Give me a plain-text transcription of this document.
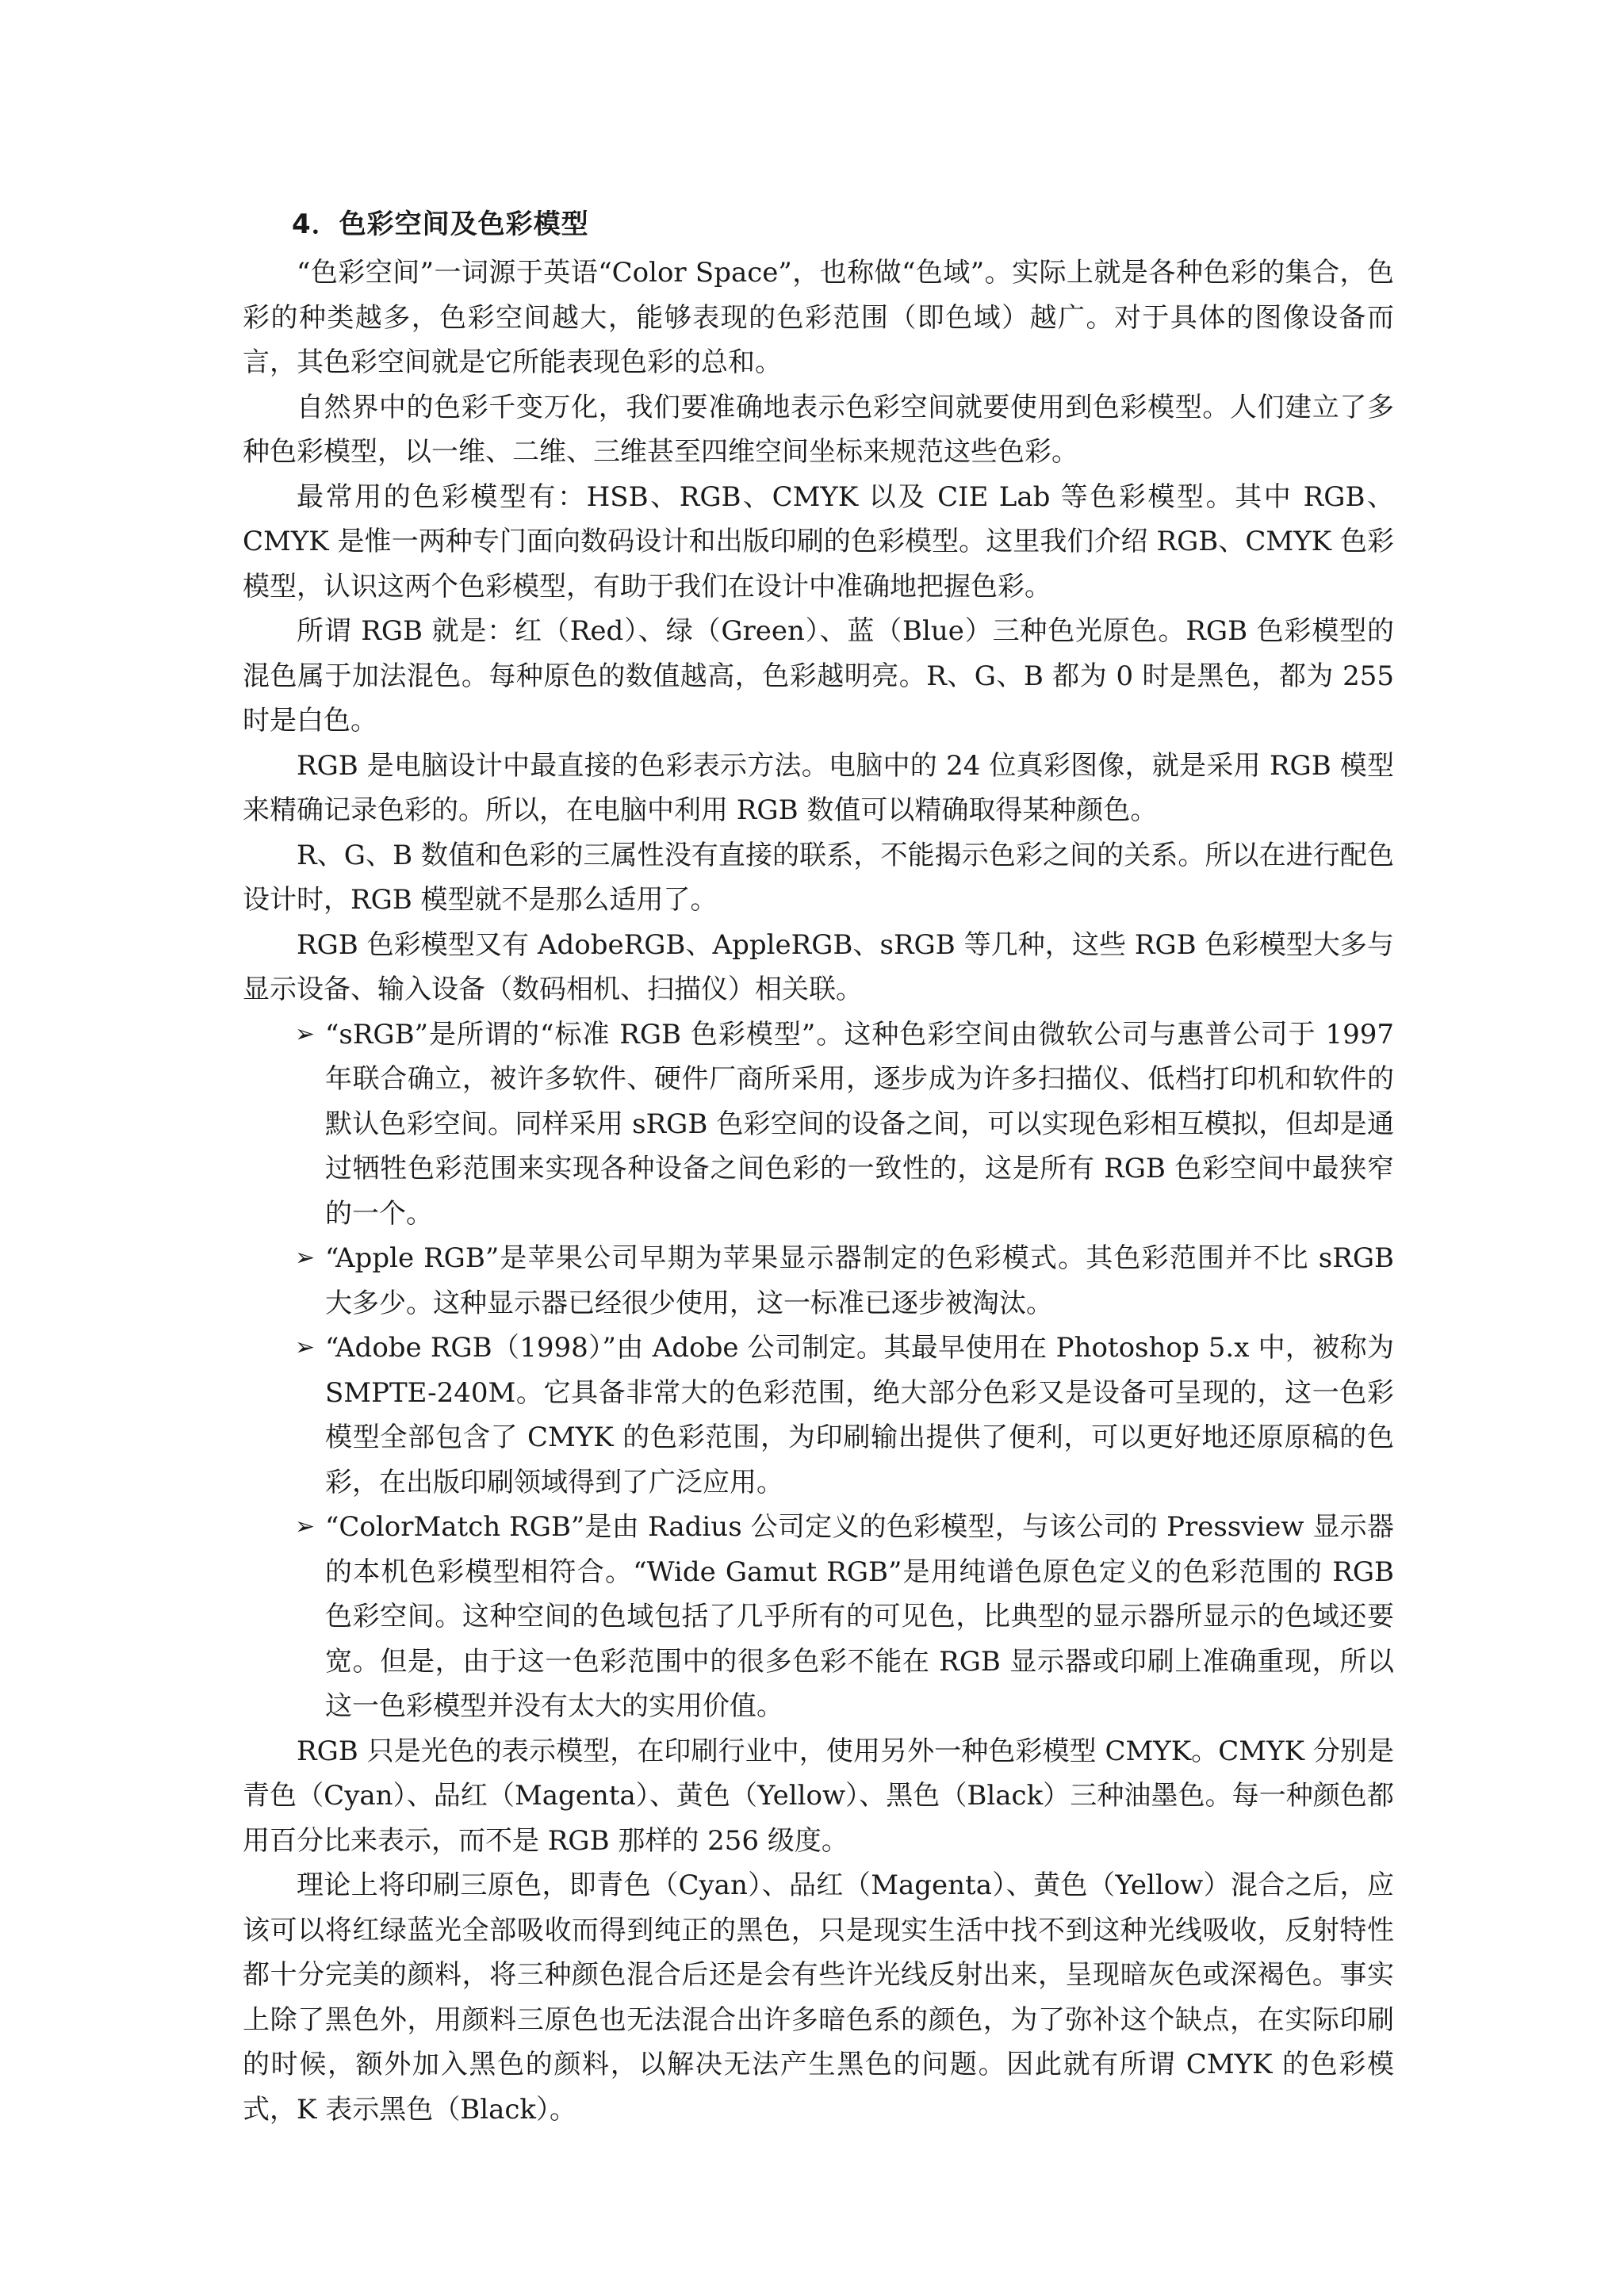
4．色彩空间及色彩模型

“色彩空间”一词源于英语“Color Space”，也称做“色域”。实际上就是各种色彩的集合，色彩的种类越多，色彩空间越大，能够表现的色彩范围（即色域）越广。对于具体的图像设备而言，其色彩空间就是它所能表现色彩的总和。

自然界中的色彩千变万化，我们要准确地表示色彩空间就要使用到色彩模型。人们建立了多种色彩模型，以一维、二维、三维甚至四维空间坐标来规范这些色彩。

最常用的色彩模型有：HSB、RGB、CMYK 以及 CIE Lab 等色彩模型。其中 RGB、CMYK 是惟一两种专门面向数码设计和出版印刷的色彩模型。这里我们介绍 RGB、CMYK 色彩模型，认识这两个色彩模型，有助于我们在设计中准确地把握色彩。

所谓 RGB 就是：红（Red）、绿（Green）、蓝（Blue）三种色光原色。RGB 色彩模型的混色属于加法混色。每种原色的数值越高，色彩越明亮。R、G、B 都为 0 时是黑色，都为 255 时是白色。

RGB 是电脑设计中最直接的色彩表示方法。电脑中的 24 位真彩图像，就是采用 RGB 模型来精确记录色彩的。所以，在电脑中利用 RGB 数值可以精确取得某种颜色。

R、G、B 数值和色彩的三属性没有直接的联系，不能揭示色彩之间的关系。所以在进行配色设计时，RGB 模型就不是那么适用了。

RGB 色彩模型又有 AdobeRGB、AppleRGB、sRGB 等几种，这些 RGB 色彩模型大多与显示设备、输入设备（数码相机、扫描仪）相关联。

➢ “sRGB”是所谓的“标准 RGB 色彩模型”。这种色彩空间由微软公司与惠普公司于 1997 年联合确立，被许多软件、硬件厂商所采用，逐步成为许多扫描仪、低档打印机和软件的默认色彩空间。同样采用 sRGB 色彩空间的设备之间，可以实现色彩相互模拟，但却是通过牺牲色彩范围来实现各种设备之间色彩的一致性的，这是所有 RGB 色彩空间中最狭窄的一个。
➢ “Apple RGB”是苹果公司早期为苹果显示器制定的色彩模式。其色彩范围并不比 sRGB 大多少。这种显示器已经很少使用，这一标准已逐步被淘汰。
➢ “Adobe RGB（1998）”由 Adobe 公司制定。其最早使用在 Photoshop 5.x 中，被称为 SMPTE-240M。它具备非常大的色彩范围，绝大部分色彩又是设备可呈现的，这一色彩模型全部包含了 CMYK 的色彩范围，为印刷输出提供了便利，可以更好地还原原稿的色彩，在出版印刷领域得到了广泛应用。
➢ “ColorMatch RGB”是由 Radius 公司定义的色彩模型，与该公司的 Pressview 显示器的本机色彩模型相符合。“Wide Gamut RGB”是用纯谱色原色定义的色彩范围的 RGB 色彩空间。这种空间的色域包括了几乎所有的可见色，比典型的显示器所显示的色域还要宽。但是，由于这一色彩范围中的很多色彩不能在 RGB 显示器或印刷上准确重现，所以这一色彩模型并没有太大的实用价值。

RGB 只是光色的表示模型，在印刷行业中，使用另外一种色彩模型 CMYK。CMYK 分别是青色（Cyan）、品红（Magenta）、黄色（Yellow）、黑色（Black）三种油墨色。每一种颜色都用百分比来表示，而不是 RGB 那样的 256 级度。

理论上将印刷三原色，即青色（Cyan）、品红（Magenta）、黄色（Yellow）混合之后，应该可以将红绿蓝光全部吸收而得到纯正的黑色，只是现实生活中找不到这种光线吸收，反射特性都十分完美的颜料，将三种颜色混合后还是会有些许光线反射出来，呈现暗灰色或深褐色。事实上除了黑色外，用颜料三原色也无法混合出许多暗色系的颜色，为了弥补这个缺点，在实际印刷的时候，额外加入黑色的颜料，以解决无法产生黑色的问题。因此就有所谓 CMYK 的色彩模式，K 表示黑色（Black）。
